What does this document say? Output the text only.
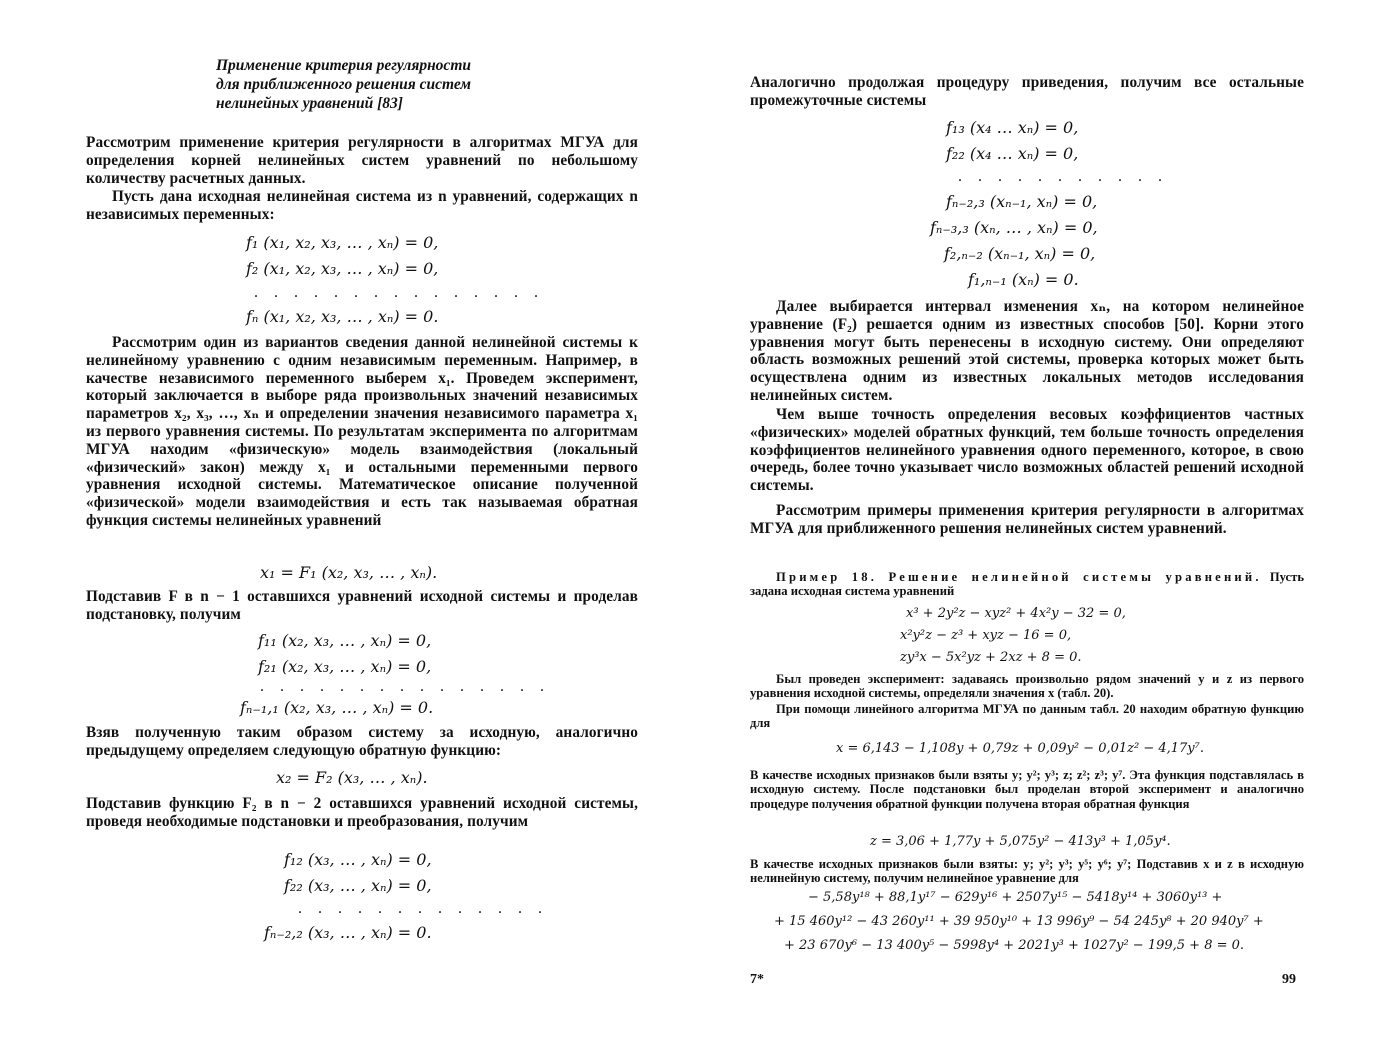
Применение критерия регулярности
для приближенного решения систем
нелинейных уравнений [83]
Рассмотрим применение критерия регулярности в алгоритмах МГУА для определения корней нелинейных систем уравнений по небольшому количеству расчетных данных.
Пусть дана исходная нелинейная система из n уравнений, содержащих n независимых переменных:
f₁ (x₁, x₂, x₃, … , xₙ) = 0,
f₂ (x₁, x₂, x₃, … , xₙ) = 0,
. . . . . . . . . . . . . . .
fₙ (x₁, x₂, x₃, … , xₙ) = 0.
Рассмотрим один из вариантов сведения данной нелинейной системы к нелинейному уравнению с одним независимым переменным. Например, в качестве независимого переменного выберем x₁. Проведем эксперимент, который заключается в выборе ряда произвольных значений независимых параметров x₂, x₃, …, xₙ и определении значения независимого параметра x₁ из первого уравнения системы. По результатам эксперимента по алгоритмам МГУА находим «физическую» модель взаимодействия (локальный «физический» закон) между x₁ и остальными переменными первого уравнения исходной системы. Математическое описание полученной «физической» модели взаимодействия и есть так называемая обратная функция системы нелинейных уравнений
x₁ = F₁ (x₂, x₃, … , xₙ).
Подставив F в n − 1 оставшихся уравнений исходной системы и проделав подстановку, получим
f₁₁ (x₂, x₃, … , xₙ) = 0,
f₂₁ (x₂, x₃, … , xₙ) = 0,
. . . . . . . . . . . . . . .
fₙ₋₁,₁ (x₂, x₃, … , xₙ) = 0.
Взяв полученную таким образом систему за исходную, аналогично предыдущему определяем следующую обратную функцию:
x₂ = F₂ (x₃, … , xₙ).
Подставив функцию F₂ в n − 2 оставшихся уравнений исходной системы, проведя необходимые подстановки и преобразования, получим
f₁₂ (x₃, … , xₙ) = 0,
f₂₂ (x₃, … , xₙ) = 0,
. . . . . . . . . . . . .
fₙ₋₂,₂ (x₃, … , xₙ) = 0.
Аналогично продолжая процедуру приведения, получим все остальные промежуточные системы
f₁₃ (x₄ … xₙ) = 0,
f₂₂ (x₄ … xₙ) = 0,
. . . . . . . . . . .
fₙ₋₂,₃ (xₙ₋₁, xₙ) = 0,
fₙ₋₃,₃ (xₙ, … , xₙ) = 0,
f₂,ₙ₋₂ (xₙ₋₁, xₙ) = 0,
f₁,ₙ₋₁ (xₙ) = 0.
Далее выбирается интервал изменения xₙ, на котором нелинейное уравнение (F₂) решается одним из известных способов [50]. Корни этого уравнения могут быть перенесены в исходную систему. Они определяют область возможных решений этой системы, проверка которых может быть осуществлена одним из известных локальных методов исследования нелинейных систем.
Чем выше точность определения весовых коэффициентов частных «физических» моделей обратных функций, тем больше точность определения коэффициентов нелинейного уравнения одного переменного, которое, в свою очередь, более точно указывает число возможных областей решений исходной системы.
Рассмотрим примеры применения критерия регулярности в алгоритмах МГУА для приближенного решения нелинейных систем уравнений.
Пример 18. Решение нелинейной системы уравнений. Пусть задана исходная система уравнений
x³ + 2y²z − xyz² + 4x²y − 32 = 0,
x²y²z − z³ + xyz − 16 = 0,
zy³x − 5x²yz + 2xz + 8 = 0.
Был проведен эксперимент: задаваясь произвольно рядом значений y и z из первого уравнения исходной системы, определяли значения x (табл. 20).
При помощи линейного алгоритма МГУА по данным табл. 20 находим обратную функцию для
x = 6,143 − 1,108y + 0,79z + 0,09y² − 0,01z² − 4,17y⁷.
В качестве исходных признаков были взяты y; y²; y³; z; z²; z³; y⁷. Эта функция подставлялась в исходную систему. После подстановки был проделан второй эксперимент и аналогично процедуре получения обратной функции получена вторая обратная функция
z = 3,06 + 1,77y + 5,075y² − 413y³ + 1,05y⁴.
В качестве исходных признаков были взяты: y; y²; y³; y⁵; y⁶; y⁷; Подставив x и z в исходную нелинейную систему, получим нелинейное уравнение для
− 5,58y¹⁸ + 88,1y¹⁷ − 629y¹⁶ + 2507y¹⁵ − 5418y¹⁴ + 3060y¹³ +
+ 15 460y¹² − 43 260y¹¹ + 39 950y¹⁰ + 13 996y⁹ − 54 245y⁸ + 20 940y⁷ +
+ 23 670y⁶ − 13 400y⁵ − 5998y⁴ + 2021y³ + 1027y² − 199,5 + 8 = 0.
7*	99
